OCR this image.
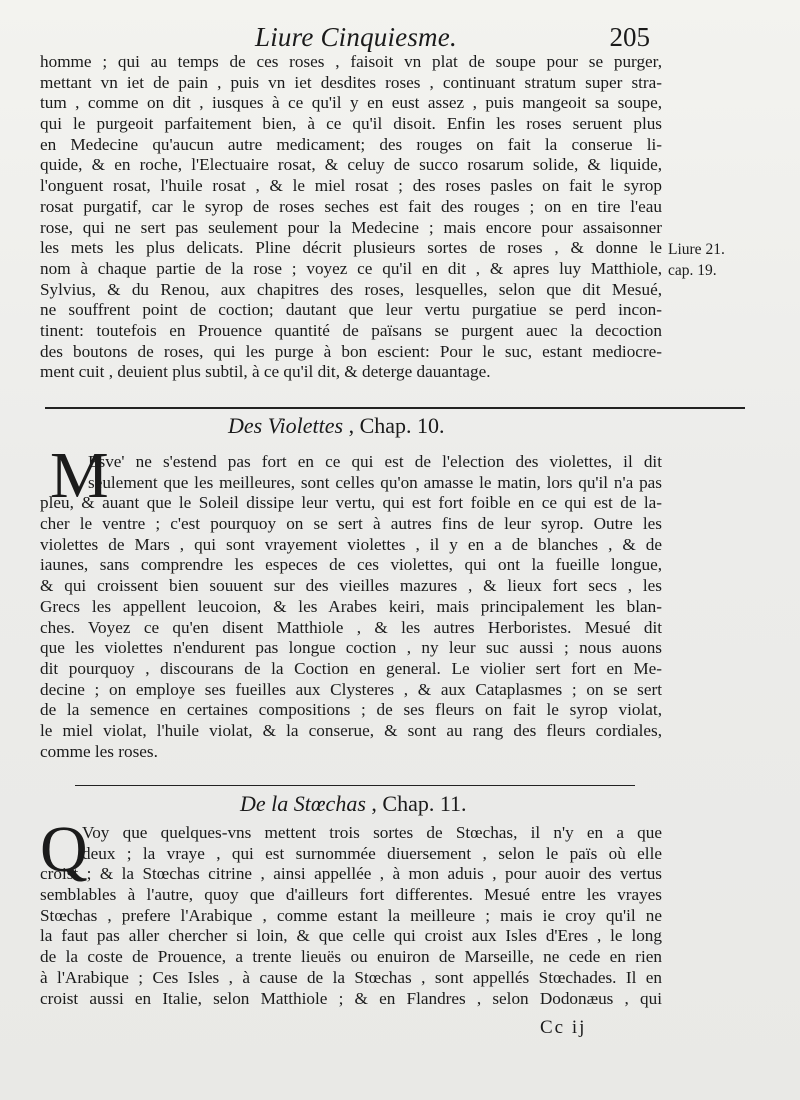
Liure Cinquiesme.	205
homme ; qui au temps de ces roses , faisoit vn plat de soupe pour se purger,
mettant vn iet de pain , puis vn iet desdites roses , continuant stratum super stra-
tum , comme on dit , iusques à ce qu'il y en eust assez , puis mangeoit sa soupe,
qui le purgeoit parfaitement bien, à ce qu'il disoit. Enfin les roses seruent plus
en Medecine qu'aucun autre medicament; des rouges on fait la conserue li-
quide, & en roche, l'Electuaire rosat, & celuy de succo rosarum solide, & liquide,
l'onguent rosat, l'huile rosat , & le miel rosat ; des roses pasles on fait le syrop
rosat purgatif, car le syrop de roses seches est fait des rouges ; on en tire l'eau
rose, qui ne sert pas seulement pour la Medecine ; mais encore pour assaisonner
les mets les plus delicats. Pline décrit plusieurs sortes de roses , & donne le
nom à chaque partie de la rose ; voyez ce qu'il en dit , & apres luy Matthiole,
Sylvius, & du Renou, aux chapitres des roses, lesquelles, selon que dit Mesué,
ne souffrent point de coction; dautant que leur vertu purgatiue se perd incon-
tinent: toutefois en Prouence quantité de païsans se purgent auec la decoction
des boutons de roses, qui les purge à bon escient: Pour le suc, estant mediocre-
ment cuit , deuient plus subtil, à ce qu'il dit, & deterge dauantage.
Liure 21.
cap. 19.
Des Violettes , Chap. 10.
M
Esve' ne s'estend pas fort en ce qui est de l'election des violettes, il dit
seulement que les meilleures, sont celles qu'on amasse le matin, lors qu'il n'a pas
pleu, & auant que le Soleil dissipe leur vertu, qui est fort foible en ce qui est de la-
cher le ventre ; c'est pourquoy on se sert à autres fins de leur syrop. Outre les
violettes de Mars , qui sont vrayement violettes , il y en a de blanches , & de
iaunes, sans comprendre les especes de ces violettes, qui ont la fueille longue,
& qui croissent bien souuent sur des vieilles mazures , & lieux fort secs , les
Grecs les appellent leucoion, & les Arabes keiri, mais principalement les blan-
ches. Voyez ce qu'en disent Matthiole , & les autres Herboristes. Mesué dit
que les violettes n'endurent pas longue coction , ny leur suc aussi ; nous auons
dit pourquoy , discourans de la Coction en general. Le violier sert fort en Me-
decine ; on employe ses fueilles aux Clysteres , & aux Cataplasmes ; on se sert
de la semence en certaines compositions ; de ses fleurs on fait le syrop violat,
le miel violat, l'huile violat, & la conserue, & sont au rang des fleurs cordiales,
comme les roses.
De la Stœchas , Chap. 11.
Q
Voy que quelques-vns mettent trois sortes de Stœchas, il n'y en a que
deux ; la vraye , qui est surnommée diuersement , selon le païs où elle
croist ; & la Stœchas citrine , ainsi appellée , à mon aduis , pour auoir des vertus
semblables à l'autre, quoy que d'ailleurs fort differentes. Mesué entre les vrayes
Stœchas , prefere l'Arabique , comme estant la meilleure ; mais ie croy qu'il ne
la faut pas aller chercher si loin, & que celle qui croist aux Isles d'Eres , le long
de la coste de Prouence, a trente lieuës ou enuiron de Marseille, ne cede en rien
à l'Arabique ; Ces Isles , à cause de la Stœchas , sont appellés Stœchades. Il en
croist aussi en Italie, selon Matthiole ; & en Flandres , selon Dodonæus , qui
Cc ij
